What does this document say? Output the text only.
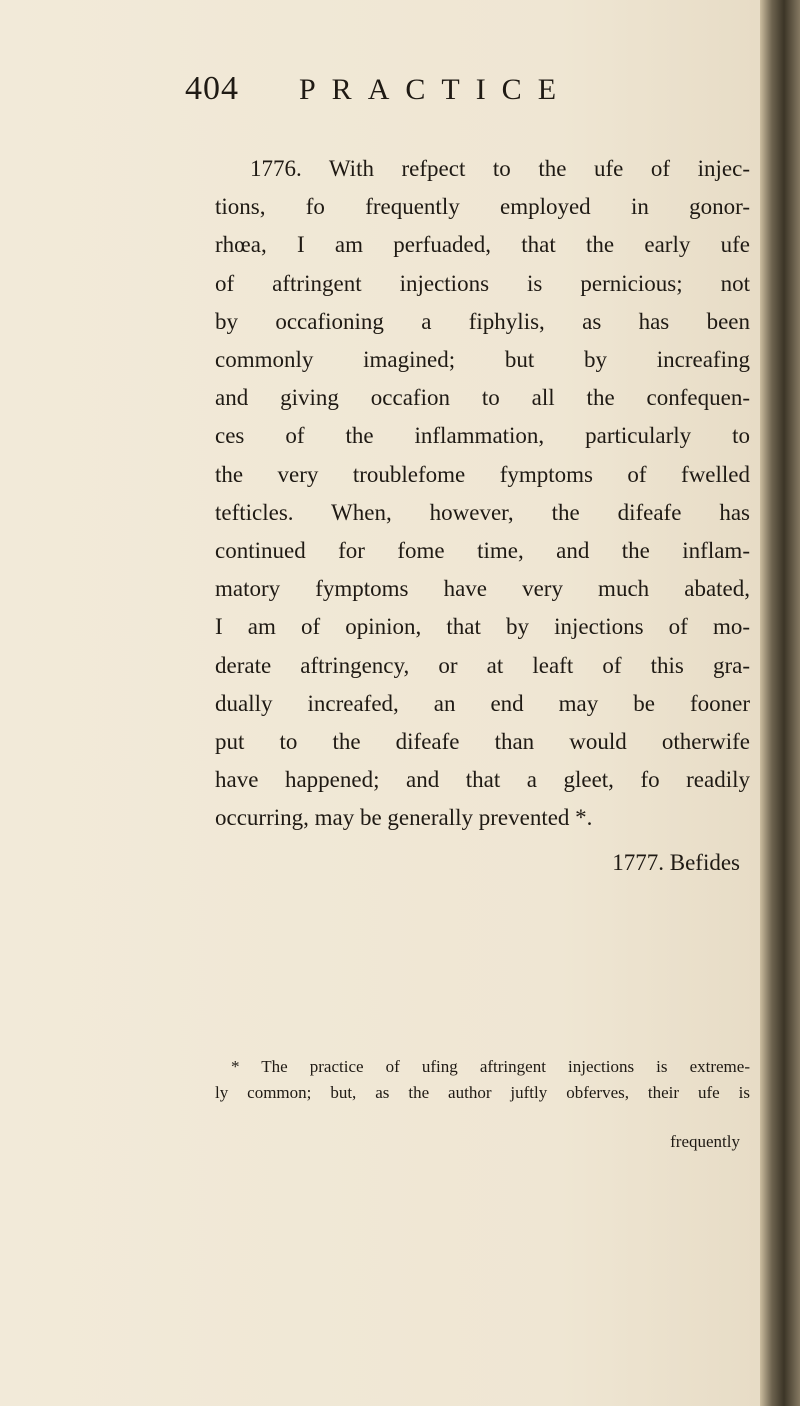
404 PRACTICE
1776. With refpect to the ufe of injec-
tions, fo frequently employed in gonor-
rhœa, I am perfuaded, that the early ufe
of aftringent injections is pernicious; not
by occafioning a fiphylis, as has been
commonly imagined; but by increafing
and giving occafion to all the confequen-
ces of the inflammation, particularly to
the very troublefome fymptoms of fwelled
tefticles. When, however, the difeafe has
continued for fome time, and the inflam-
matory fymptoms have very much abated,
I am of opinion, that by injections of mo-
derate aftringency, or at leaft of this gra-
dually increafed, an end may be fooner
put to the difeafe than would otherwife
have happened; and that a gleet, fo readily
occurring, may be generally prevented *.
1777. Befides
* The practice of ufing aftringent injections is extreme-
ly common; but, as the author juftly obferves, their ufe is
frequently
